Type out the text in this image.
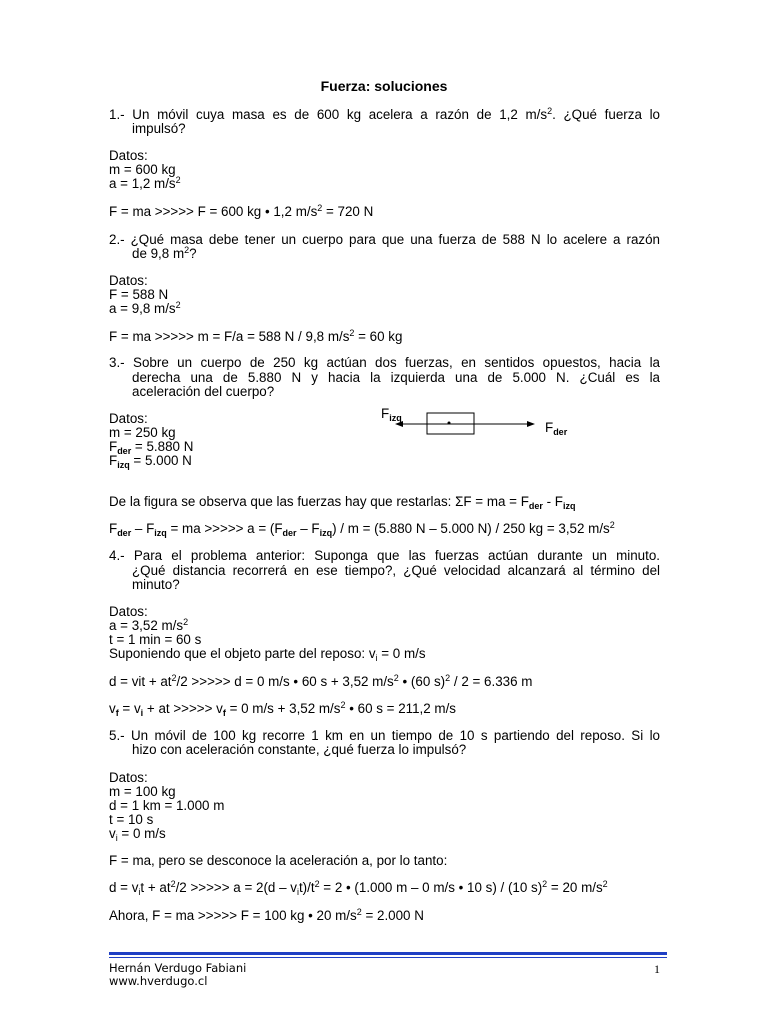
Fuerza: soluciones
1.- Un móvil cuya masa es de 600 kg acelera a razón de 1,2 $m/s^2$. ¿Qué fuerza lo
impulsó?
Datos:
m = 600 kg
a = 1,2 $m/s^2$
F = ma >>>>> F = 600 kg • 1,2 $m/s^2 = 720$ N
2.- ¿Qué masa debe tener un cuerpo para que una fuerza de 588 N lo acelere a razón
de 9,8 $m^2$?
Datos:
F = 588 N
a = 9,8 $m/s^2$
F = ma >>>>> m = F/a = 588 N / 9,8 $m/s^2 = 60$ kg
3.- Sobre un cuerpo de 250 kg actúan dos fuerzas, en sentidos opuestos, hacia la
derecha una de 5.880 N y hacia la izquierda una de 5.000 N. ¿Cuál es la
aceleración del cuerpo?
Datos:
m = 250 kg
$F_{der} = 5.880$ N
$F_{izq} = 5.000$ N
$F_{izq}$
$F_{der}$
De la figura se observa que las fuerzas hay que restarlas: ΣF = ma = $F_{der} - F_{izq}$
$F_{der} - F_{izq}$ = ma >>>>> $a = (F_{der} - F_{izq}) / m = (5.880$ N – 5.000 N) / 250 kg = 3,52 $m/s^2$
4.- Para el problema anterior: Suponga que las fuerzas actúan durante un minuto.
¿Qué distancia recorrerá en ese tiempo?, ¿Qué velocidad alcanzará al término del
minuto?
Datos:
a = 3,52 $m/s^2$
t = 1 min = 60 s
Suponiendo que el objeto parte del reposo: $v_i = 0$ m/s
d = vit + $at^2/2$ >>>>> d = 0 m/s • 60 s + 3,52 $m/s^2$ • (60 s)$^2$ / 2 = 6.336 m
$v_f = v_i$ + at >>>>> $v_f = 0$ m/s + 3,52 $m/s^2$ • 60 s = 211,2 m/s
5.- Un móvil de 100 kg recorre 1 km en un tiempo de 10 s partiendo del reposo. Si lo
hizo con aceleración constante, ¿qué fuerza lo impulsó?
Datos:
m = 100 kg
d = 1 km = 1.000 m
t = 10 s
$v_i = 0$ m/s
F = ma, pero se desconoce la aceleración a, por lo tanto:
$d = v_it + at^2/2$ >>>>> $a = 2(d - v_it)/t^2 = 2$ • (1.000 m – 0 m/s • 10 s) / (10 s)$^2$ = 20 $m/s^2$
Ahora, F = ma >>>>> F = 100 kg • 20 $m/s^2 = 2.000$ N
Hernán Verdugo Fabiani
www.hverdugo.cl
1
